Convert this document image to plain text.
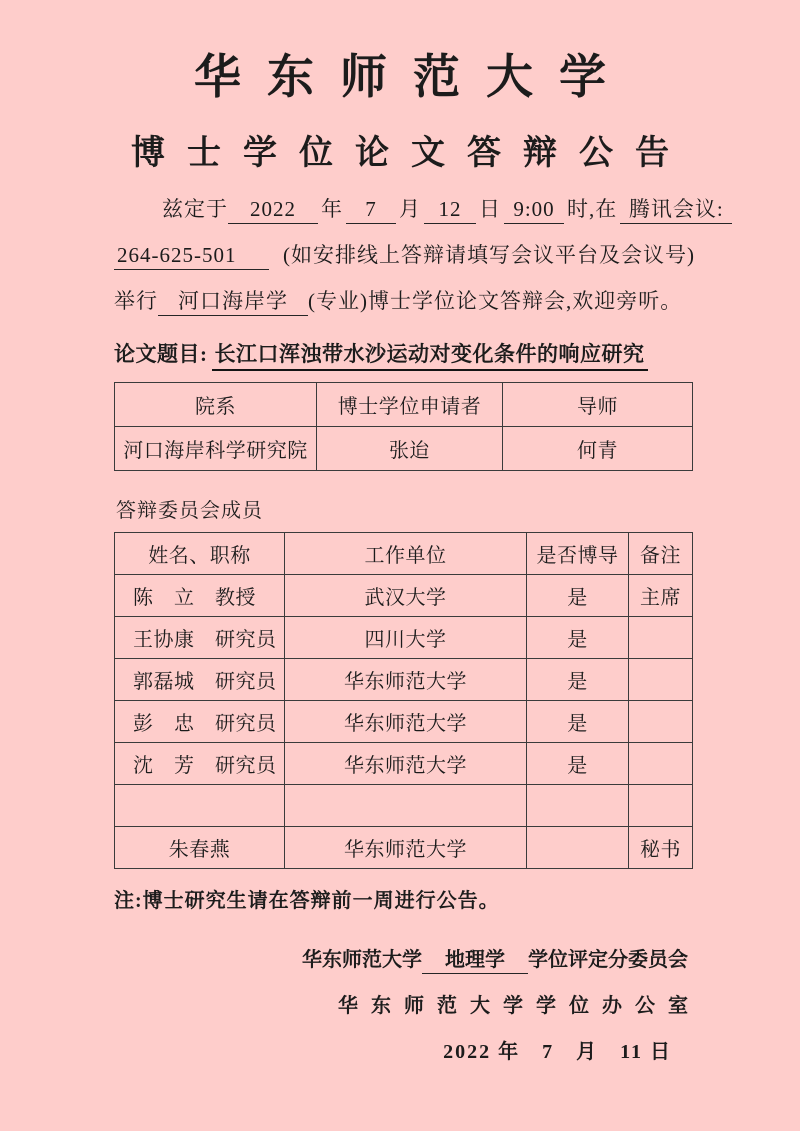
华东师范大学
博士学位论文答辩公告
兹定于 2022 年 7 月 12 日 9:00 时,在 腾讯会议:
264-625-501 (如安排线上答辩请填写会议平台及会议号)
举行 河口海岸学 (专业)博士学位论文答辩会,欢迎旁听。
论文题目: 长江口浑浊带水沙运动对变化条件的响应研究
院系	博士学位申请者	导师
河口海岸科学研究院	张迨	何青
答辩委员会成员
姓名、职称	工作单位	是否博导	备注
陈　立　教授	武汉大学	是	主席
王协康　研究员	四川大学	是	
郭磊城　研究员	华东师范大学	是	
彭　忠　研究员	华东师范大学	是	
沈　芳　研究员	华东师范大学	是	

朱春燕	华东师范大学		秘书
注:博士研究生请在答辩前一周进行公告。
华东师范大学 地理学 学位评定分委员会
华东师范大学学位办公室
2022 年　7　月　11 日
